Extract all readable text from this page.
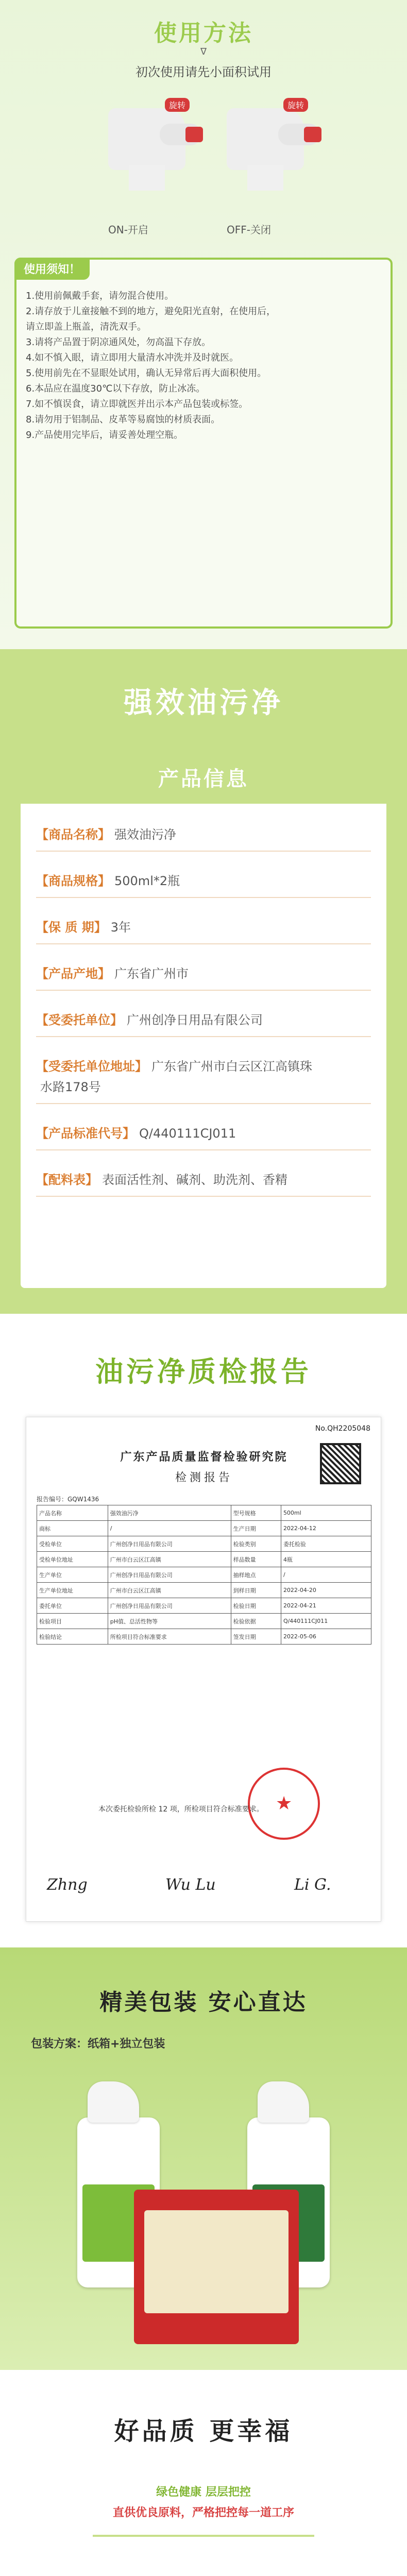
使用方法
ᐁ
初次使用请先小面积试用
旋转	旋转
ON-开启	OFF-关闭
使用须知！
1.使用前佩戴手套，请勿混合使用。
2.请存放于儿童接触不到的地方，避免阳光直射，在使用后，
请立即盖上瓶盖，清洗双手。
3.请将产品置于阴凉通风处，勿高温下存放。
4.如不慎入眼，请立即用大量清水冲洗并及时就医。
5.使用前先在不显眼处试用，确认无异常后再大面积使用。
6.本品应在温度30℃以下存放，防止冰冻。
7.如不慎误食，请立即就医并出示本产品包装或标签。
8.请勿用于铝制品、皮革等易腐蚀的材质表面。
9.产品使用完毕后，请妥善处理空瓶。
强效油污净
产品信息
【商品名称】 强效油污净
【商品规格】 500ml*2瓶
【保 质 期】 3年
【产品产地】 广东省广州市
【受委托单位】 广州创净日用品有限公司
【受委托单位地址】 广东省广州市白云区江高镇珠
水路178号
【产品标准代号】 Q/440111CJ011
【配料表】 表面活性剂、碱剂、助洗剂、香精
油污净质检报告
No.QH2205048
广东产品质量监督检验研究院
检测报告
报告编号：GQW1436
产品名称	强效油污净	型号规格	500ml
商标	/	生产日期	2022-04-12
受检单位	广州创净日用品有限公司	检验类别	委托检验
受检单位地址	广州市白云区江高镇	样品数量	4瓶
生产单位	广州创净日用品有限公司	抽样地点	/
生产单位地址	广州市白云区江高镇	到样日期	2022-04-20
委托单位	广州创净日用品有限公司	检验日期	2022-04-21
检验项目	pH值、总活性物等	检验依据	Q/440111CJ011
检验结论	所检项目符合标准要求	签发日期	2022-05-06
★
本次委托检验所检 12 项，所检项目符合标准要求。
Zhng	Wu Lu	Li G.
精美包装 安心直达
包装方案：纸箱+独立包装
好品质 更幸福
绿色健康 层层把控
直供优良原料，严格把控每一道工序
